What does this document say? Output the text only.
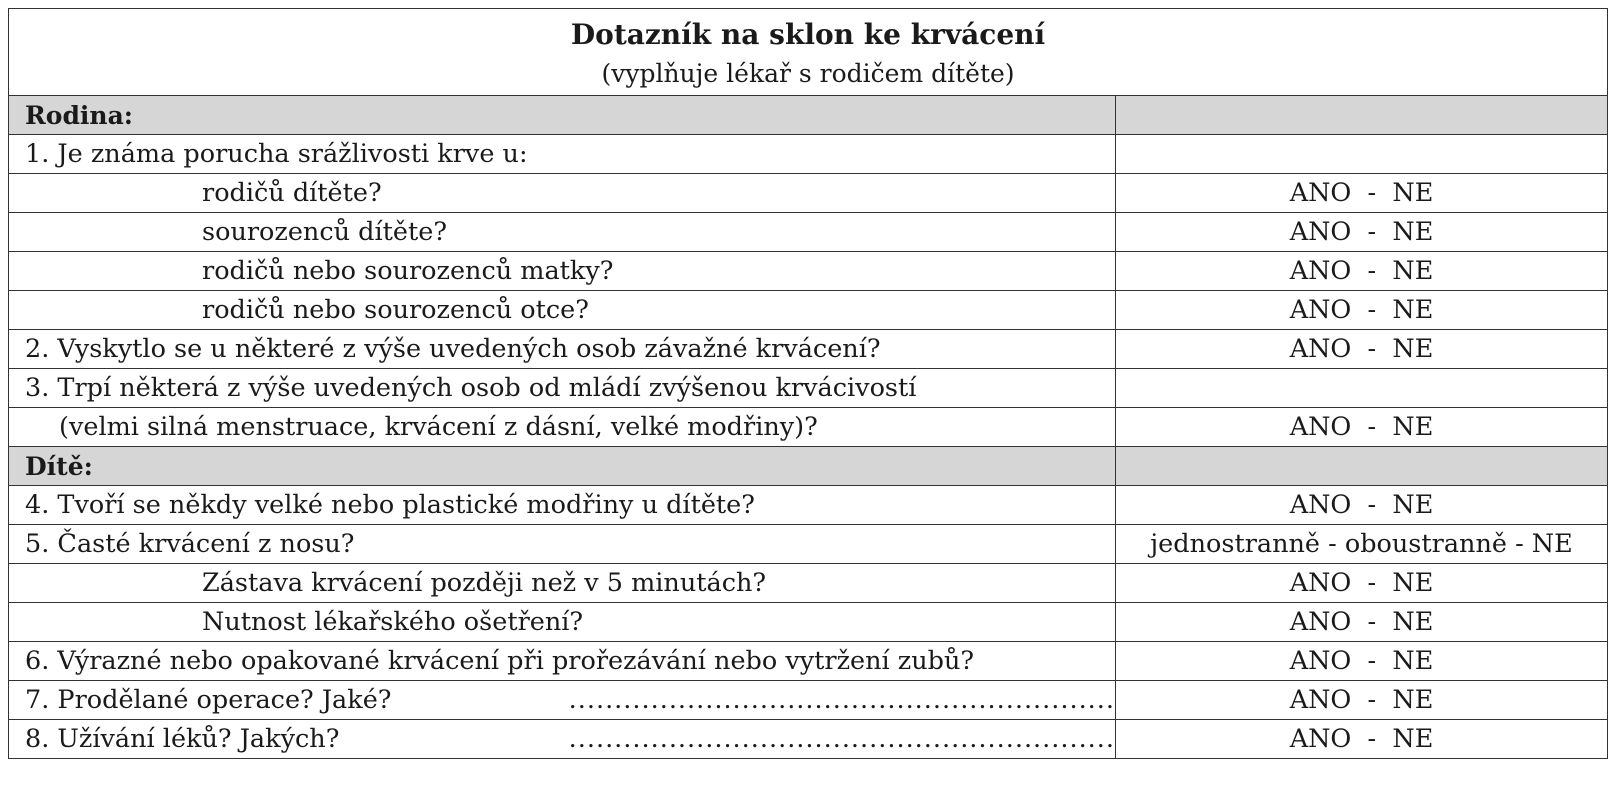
Dotazník na sklon ke krvácení
(vyplňuje lékař s rodičem dítěte)	

Rodina:	
1. Je známa porucha srážlivosti krve u:	
rodičů dítěte?	ANO  -  NE
sourozenců dítěte?	ANO  -  NE
rodičů nebo sourozenců matky?	ANO  -  NE
rodičů nebo sourozenců otce?	ANO  -  NE
2. Vyskytlo se u některé z výše uvedených osob závažné krvácení?	ANO  -  NE
3. Trpí některá z výše uvedených osob od mládí zvýšenou krvácivostí	
(velmi silná menstruace, krvácení z dásní, velké modřiny)?	ANO  -  NE
Dítě:	
4. Tvoří se někdy velké nebo plastické modřiny u dítěte?	ANO  -  NE
5. Časté krvácení z nosu?	jednostranně - oboustranně - NE
Zástava krvácení později než v 5 minutách?	ANO  -  NE
Nutnost lékařského ošetření?	ANO  -  NE
6. Výrazné nebo opakované krvácení při prořezávání nebo vytržení zubů?	ANO  -  NE

7. Prodělané operace? Jaké? ............................................................	ANO  -  NE

8. Užívání léků? Jakých? ............................................................	ANO  -  NE
